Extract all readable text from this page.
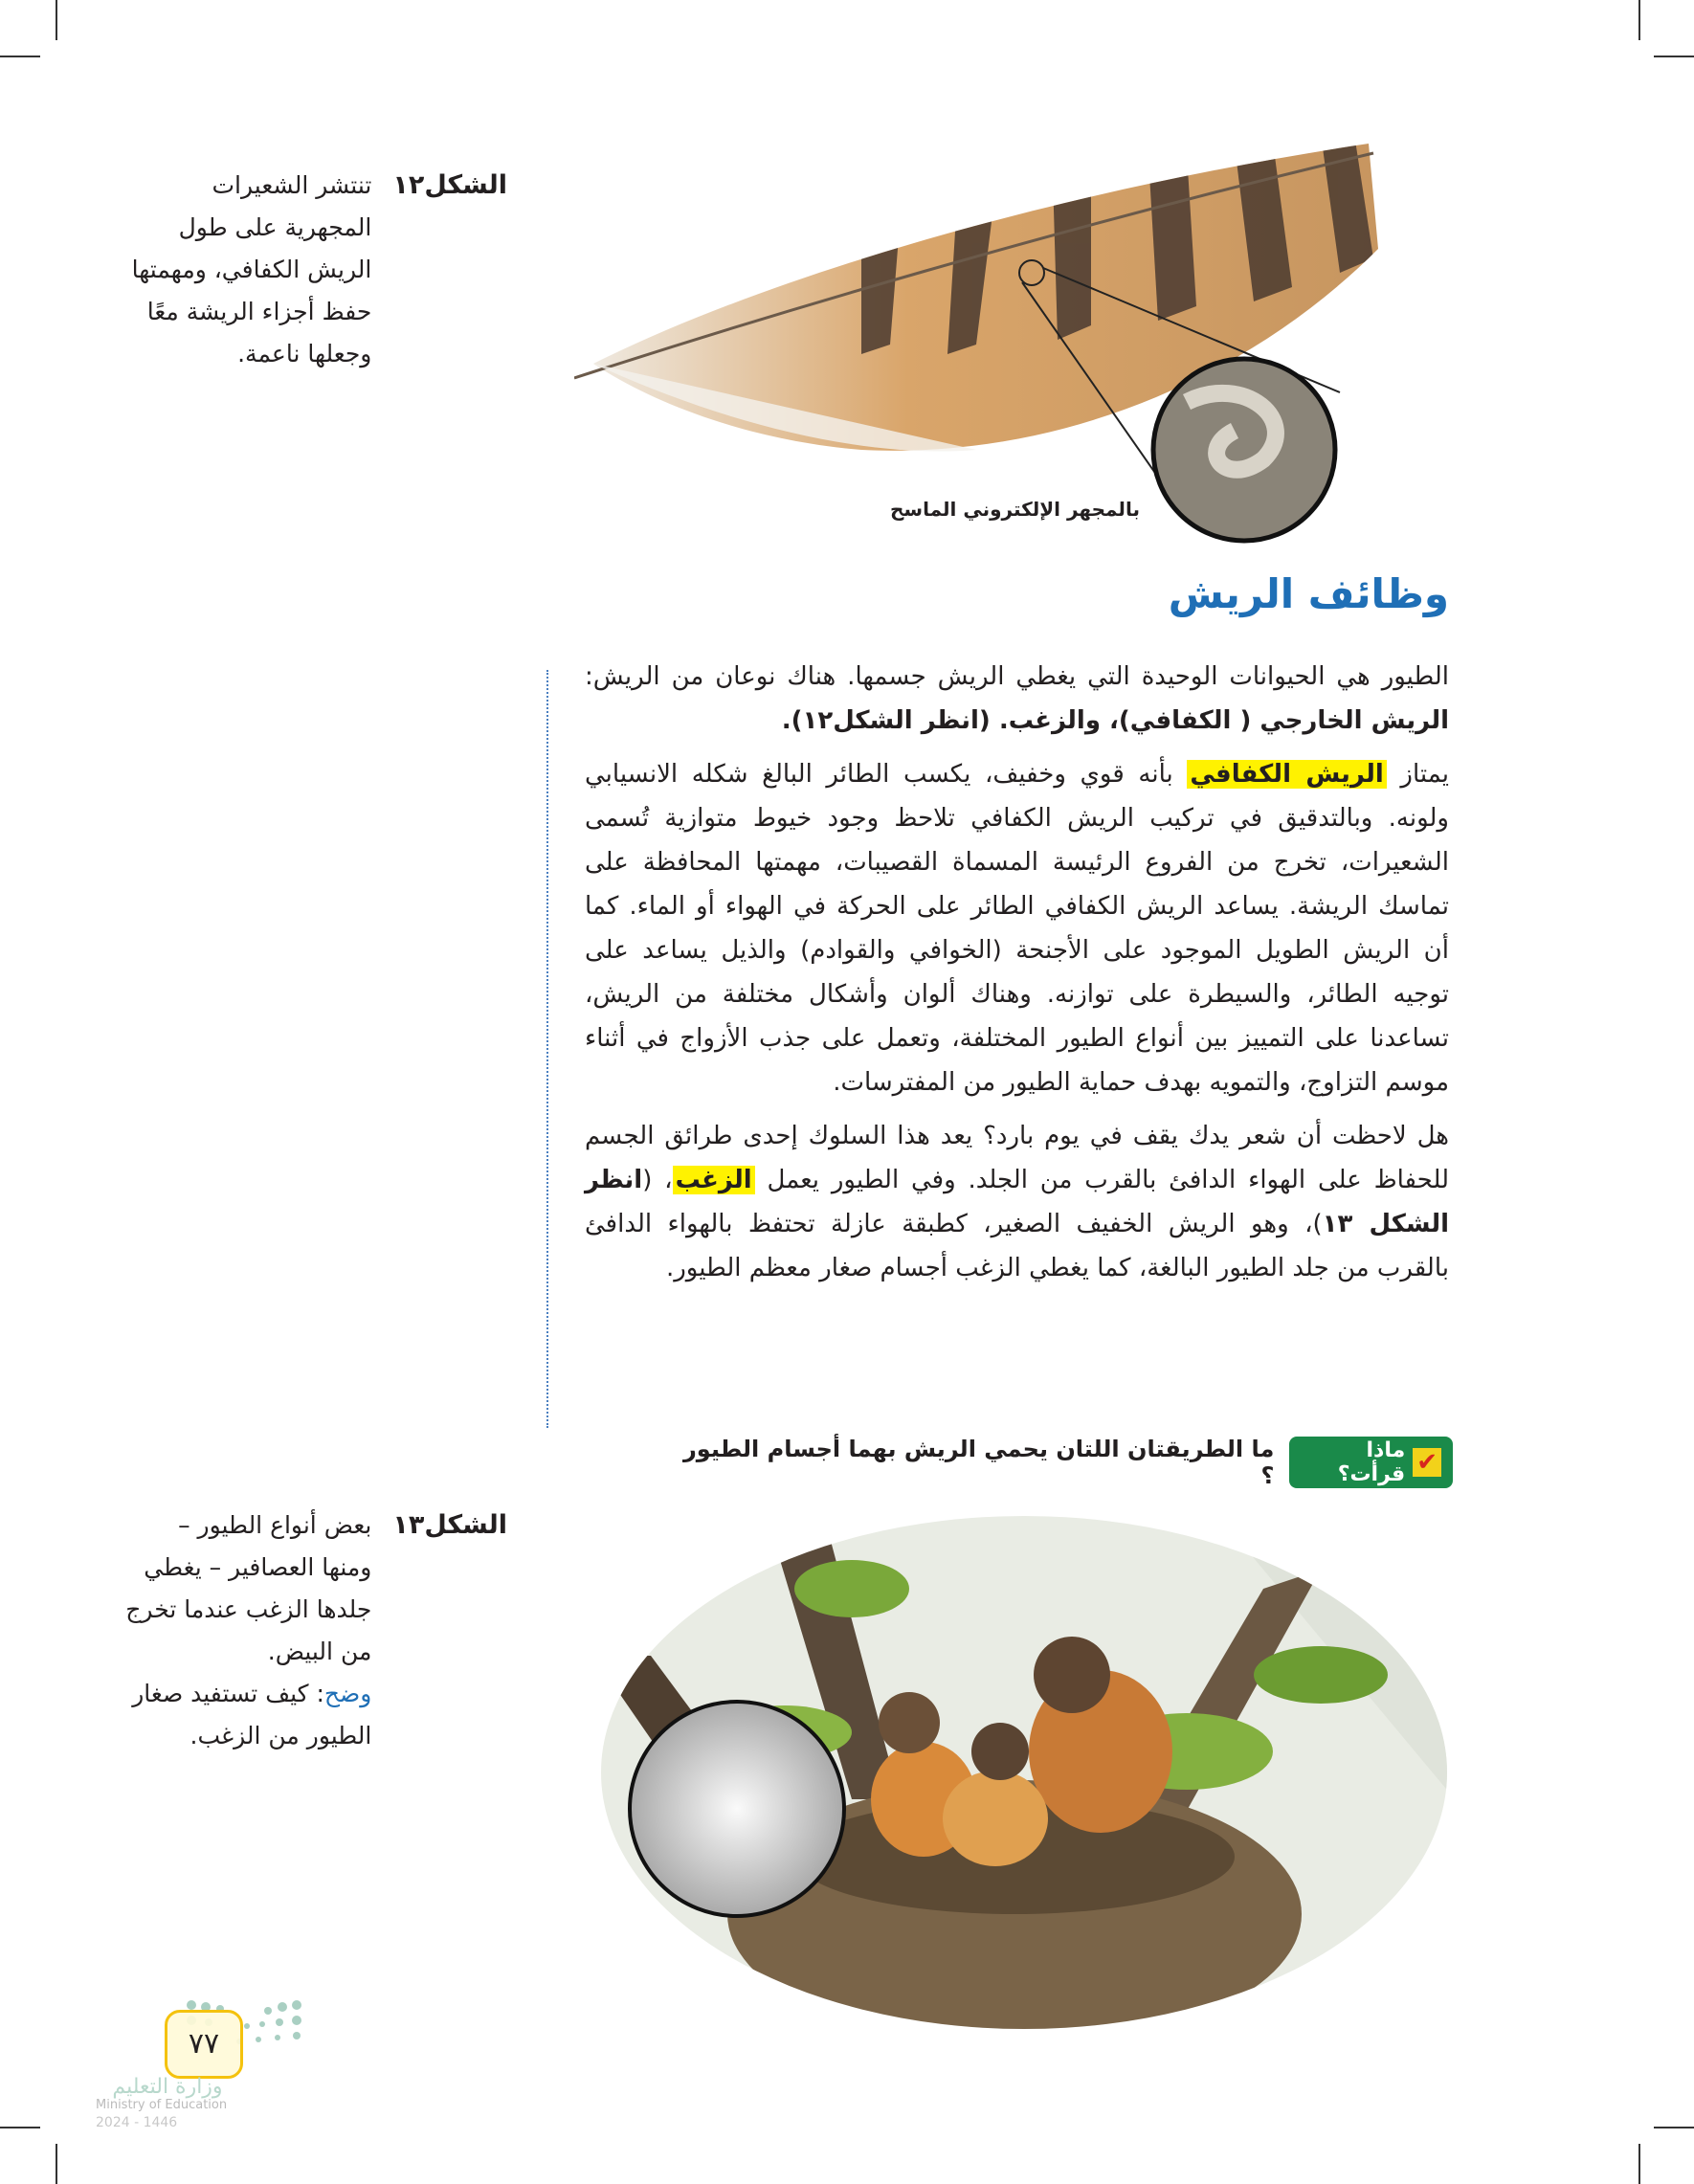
الشكل١٢
تنتشر الشعيرات المجهرية على طول الريش الكفافي، ومهمتها حفظ أجزاء الريشة معًا وجعلها ناعمة.
بالمجهر الإلكتروني الماسح
وظائف الريش

الطيور هي الحيوانات الوحيدة التي يغطي الريش جسمها. هناك نوعان من الريش: الريش الخارجي ( الكفافي)، والزغب. (انظر الشكل١٢).

يمتاز الريش الكفافي بأنه قوي وخفيف، يكسب الطائر البالغ شكله الانسيابي ولونه. وبالتدقيق في تركيب الريش الكفافي تلاحظ وجود خيوط متوازية تُسمى الشعيرات، تخرج من الفروع الرئيسة المسماة القصيبات، مهمتها المحافظة على تماسك الريشة. يساعد الريش الكفافي الطائر على الحركة في الهواء أو الماء. كما أن الريش الطويل الموجود على الأجنحة (الخوافي والقوادم) والذيل يساعد على توجيه الطائر، والسيطرة على توازنه. وهناك ألوان وأشكال مختلفة من الريش، تساعدنا على التمييز بين أنواع الطيور المختلفة، وتعمل على جذب الأزواج في أثناء موسم التزاوج، والتمويه بهدف حماية الطيور من المفترسات.

هل لاحظت أن شعر يدك يقف في يوم بارد؟ يعد هذا السلوك إحدى طرائق الجسم للحفاظ على الهواء الدافئ بالقرب من الجلد. وفي الطيور يعمل الزغب، (انظر الشكل ١٣)، وهو الريش الخفيف الصغير، كطبقة عازلة تحتفظ بالهواء الدافئ بالقرب من جلد الطيور البالغة، كما يغطي الزغب أجسام صغار معظم الطيور.

✔
ماذا قرأت؟
ما الطريقتان اللتان يحمي الريش بهما أجسام الطيور ؟
الشكل١٣
بعض أنواع الطيور – ومنها العصافير – يغطي جلدها الزغب عندما تخرج من البيض.
وضح: كيف تستفيد صغار الطيور من الزغب.
٧٧
وزارة التعليم
Ministry of Education
2024 - 1446
